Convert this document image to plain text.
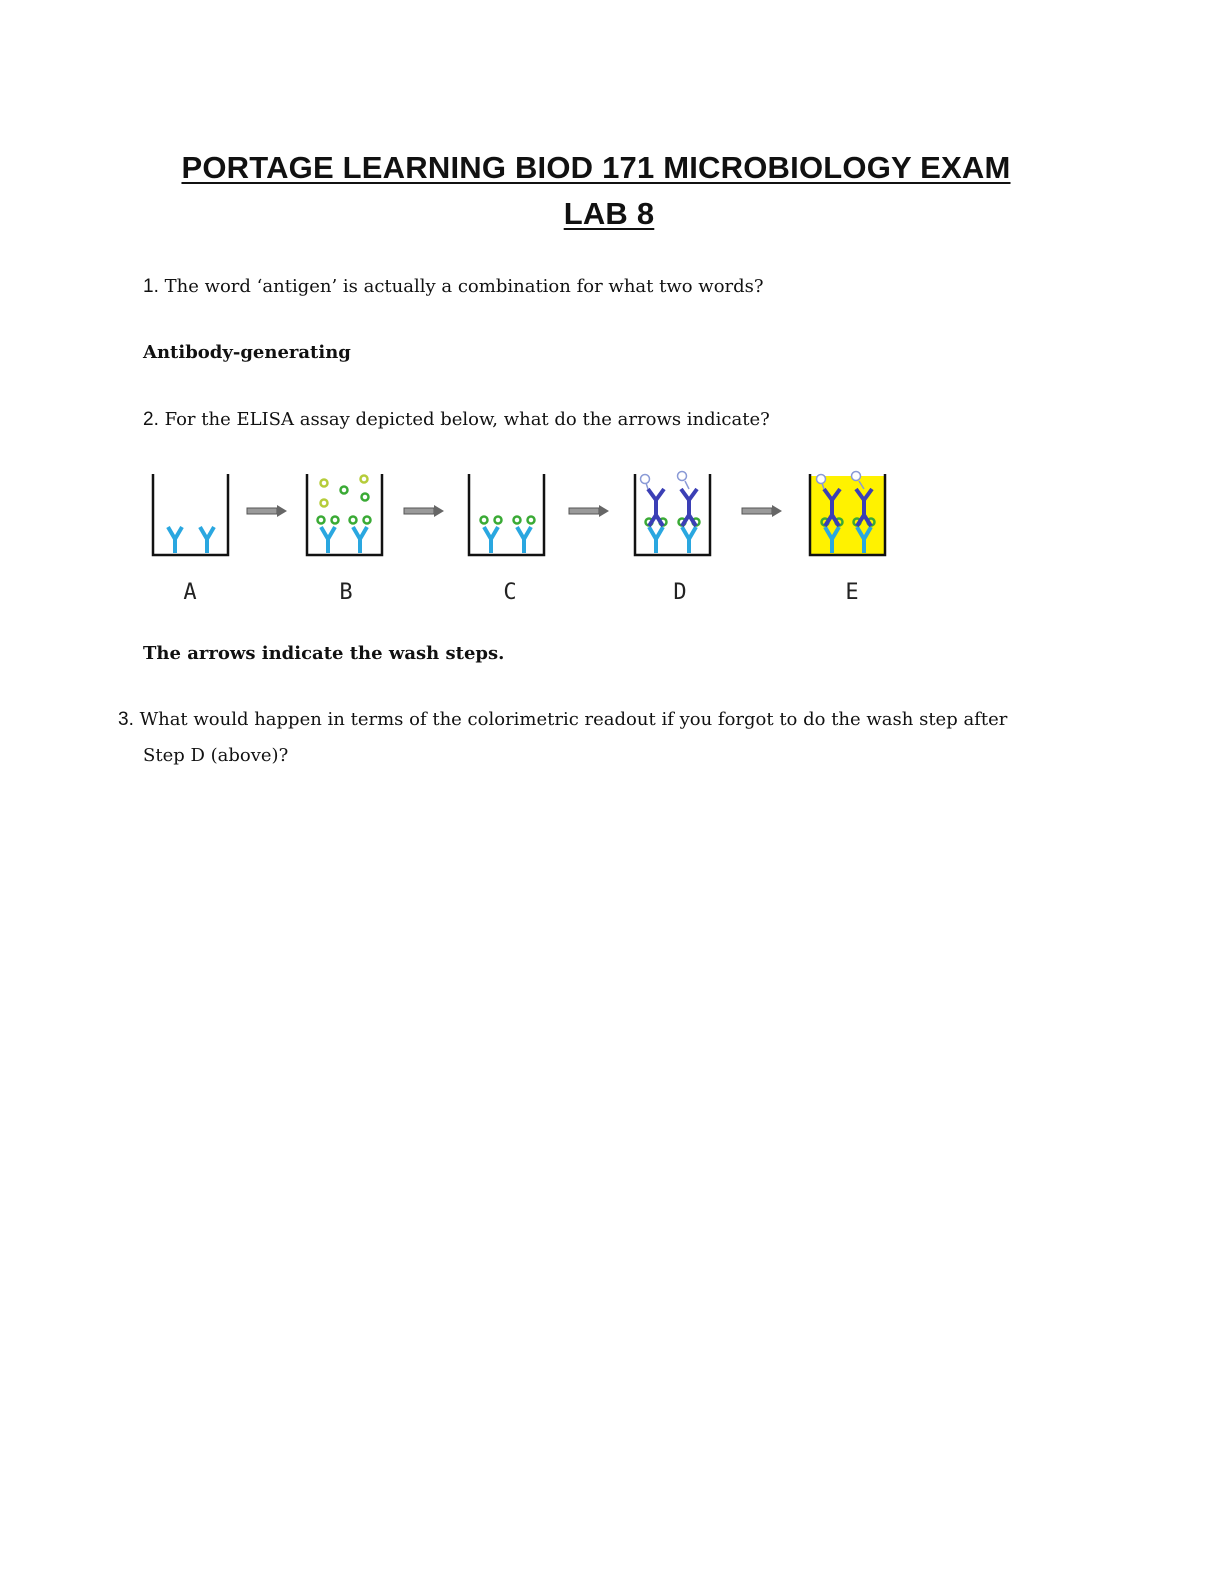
PORTAGE LEARNING BIOD 171 MICROBIOLOGY EXAM
LAB 8

1. The word ‘antigen’ is actually a combination for what two words?

Antibody-generating

2. For the ELISA assay depicted below, what do the arrows indicate?

A	B	C	D	E

The arrows indicate the wash steps.

3. What would happen in terms of the colorimetric readout if you forgot to do the wash step after

Step D (above)?
